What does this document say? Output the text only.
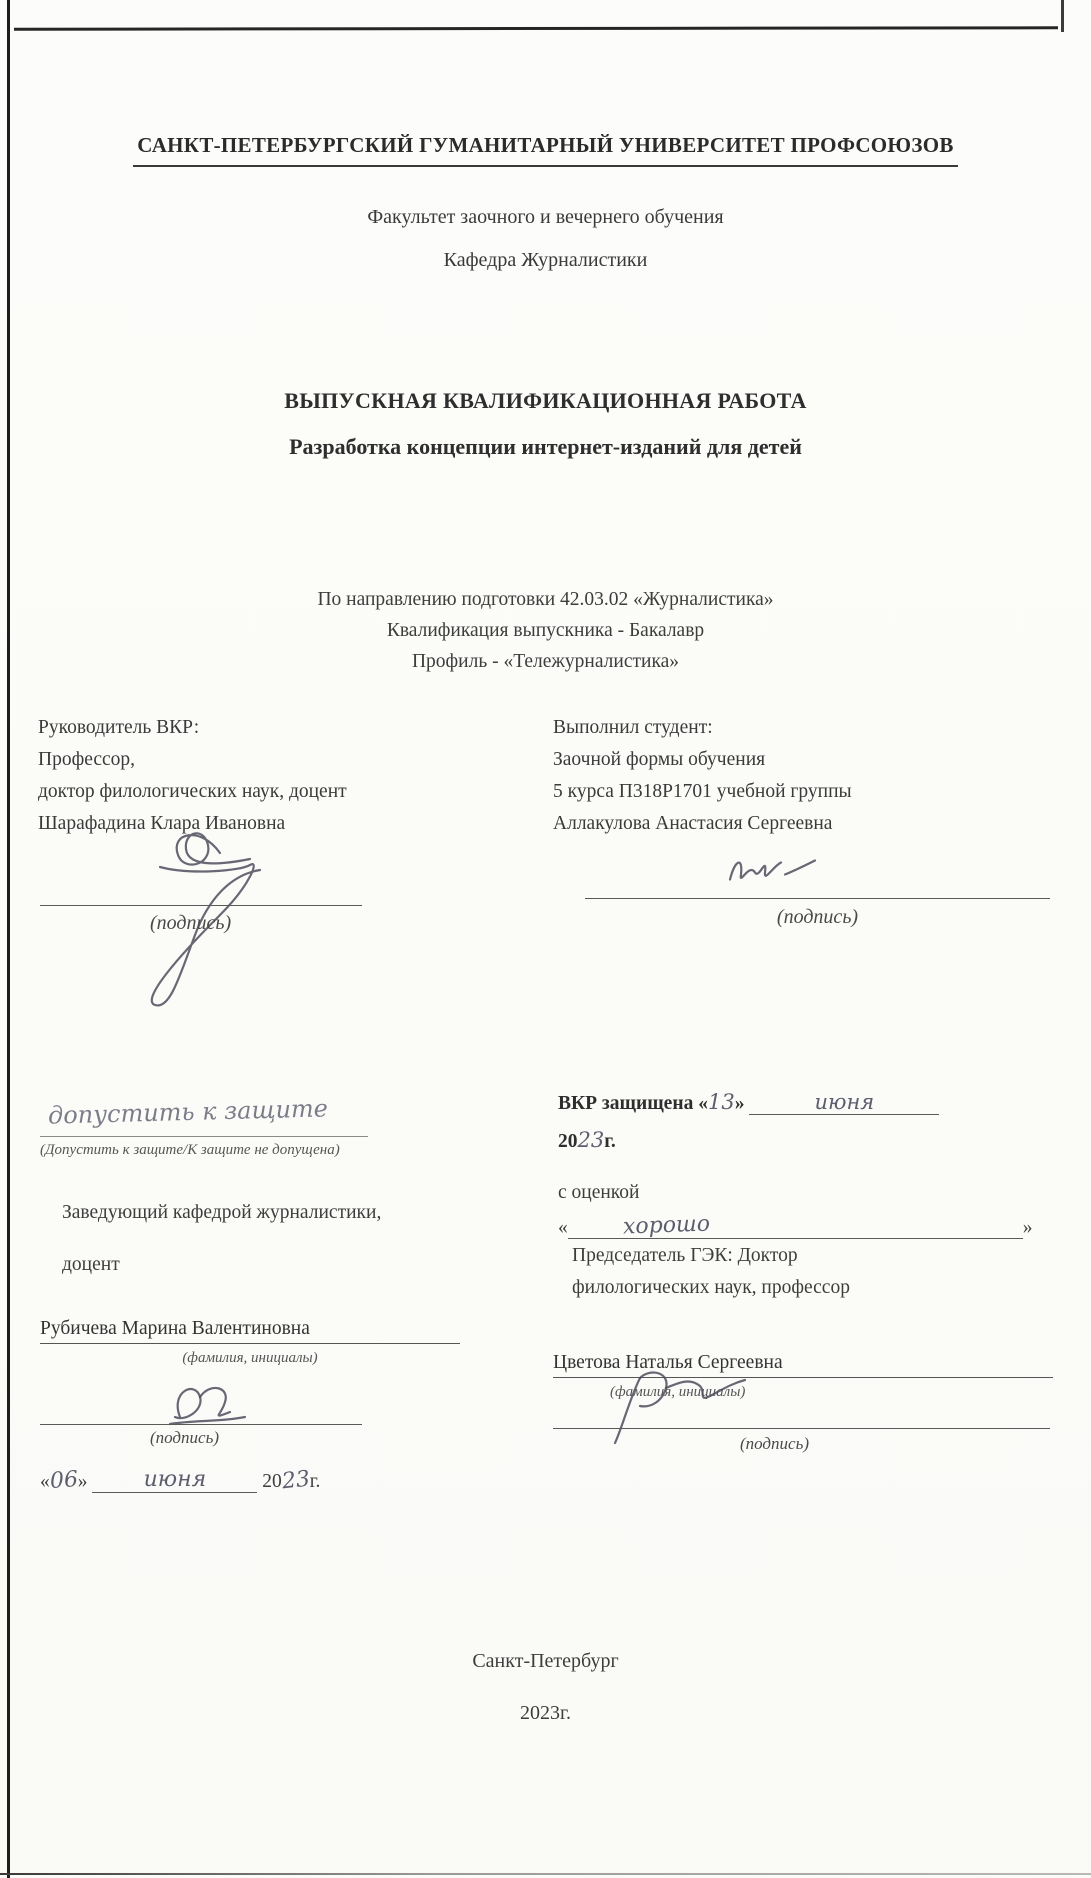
САНКТ-ПЕТЕРБУРГСКИЙ ГУМАНИТАРНЫЙ УНИВЕРСИТЕТ ПРОФСОЮЗОВ
Факультет заочного и вечернего обучения
Кафедра Журналистики
ВЫПУСКНАЯ КВАЛИФИКАЦИОННАЯ РАБОТА
Разработка концепции интернет-изданий для детей
По направлению подготовки 42.03.02 «Журналистика»
Квалификация выпускника - Бакалавр
Профиль - «Тележурналистика»
Руководитель ВКР:
Профессор,
доктор филологических наук, доцент
Шарафадина Клара Ивановна
Выполнил студент:
Заочной формы обучения
5 курса П318Р1701 учебной группы
Аллакулова Анастасия Сергеевна
(подпись)	(подпись)
допустить к защите
(Допустить к защите/К защите не допущена)
ВКР защищена «13»	июня
2023г.
с оценкой
« хорошо	»
Заведующий кафедрой журналистики,
доцент	Председатель ГЭК: Доктор
филологических наук, профессор
Рубичева Марина Валентиновна
(фамилия, инициалы)	Цветова Наталья Сергеевна
(фамилия, инициалы)
(подпись)	(подпись)
«06»	июня	2023г.
Санкт-Петербург
2023г.
